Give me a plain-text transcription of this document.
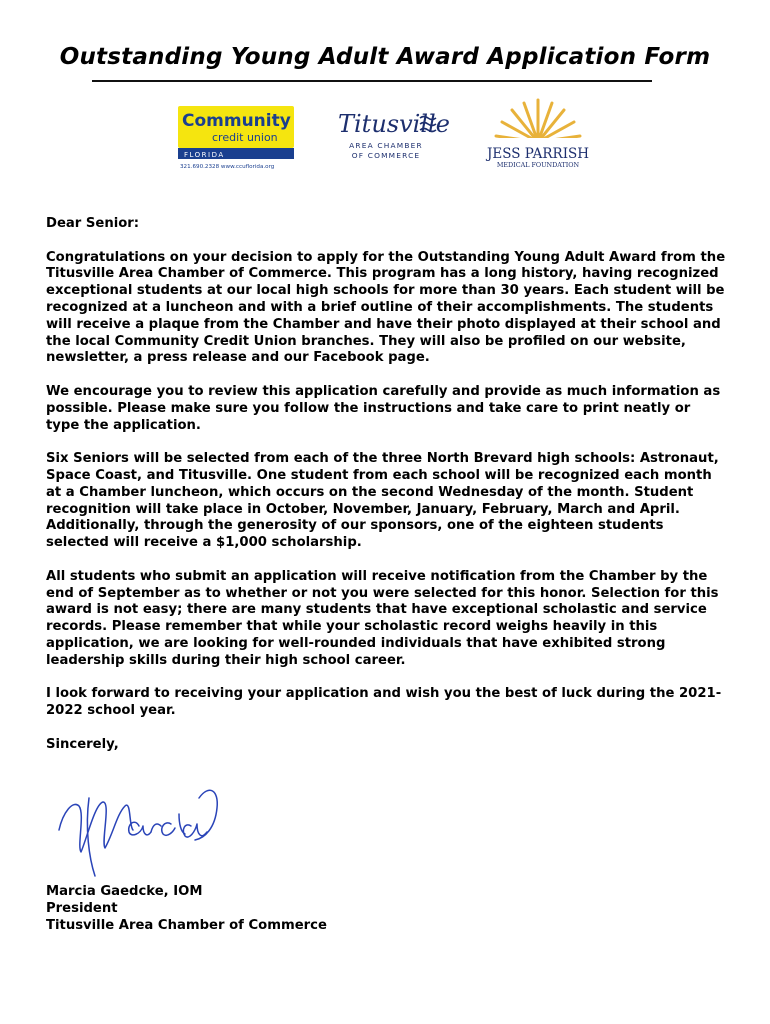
Outstanding Young Adult Award Application Form
Community
credit union
FLORIDA
321.690.2328 www.ccuflorida.org
Titusville
AREA CHAMBER
OF COMMERCE	JESS PARRISH
MEDICAL FOUNDATION

Dear Senior:

Congratulations on your decision to apply for the Outstanding Young Adult Award from the Titusville Area Chamber of Commerce. This program has a long history, having recognized exceptional students at our local high schools for more than 30 years. Each student will be recognized at a luncheon and with a brief outline of their accomplishments. The students will receive a plaque from the Chamber and have their photo displayed at their school and the local Community Credit Union branches. They will also be profiled on our website, newsletter, a press release and our Facebook page.

We encourage you to review this application carefully and provide as much information as possible. Please make sure you follow the instructions and take care to print neatly or type the application.

Six Seniors will be selected from each of the three North Brevard high schools: Astronaut, Space Coast, and Titusville. One student from each school will be recognized each month at a Chamber luncheon, which occurs on the second Wednesday of the month. Student recognition will take place in October, November, January, February, March and April. Additionally, through the generosity of our sponsors, one of the eighteen students selected will receive a $1,000 scholarship.

All students who submit an application will receive notification from the Chamber by the end of September as to whether or not you were selected for this honor. Selection for this award is not easy; there are many students that have exceptional scholastic and service records. Please remember that while your scholastic record weighs heavily in this application, we are looking for well-rounded individuals that have exhibited strong leadership skills during their high school career.

I look forward to receiving your application and wish you the best of luck during the 2021-2022 school year.

Sincerely,

Marcia Gaedcke, IOM
President
Titusville Area Chamber of Commerce
